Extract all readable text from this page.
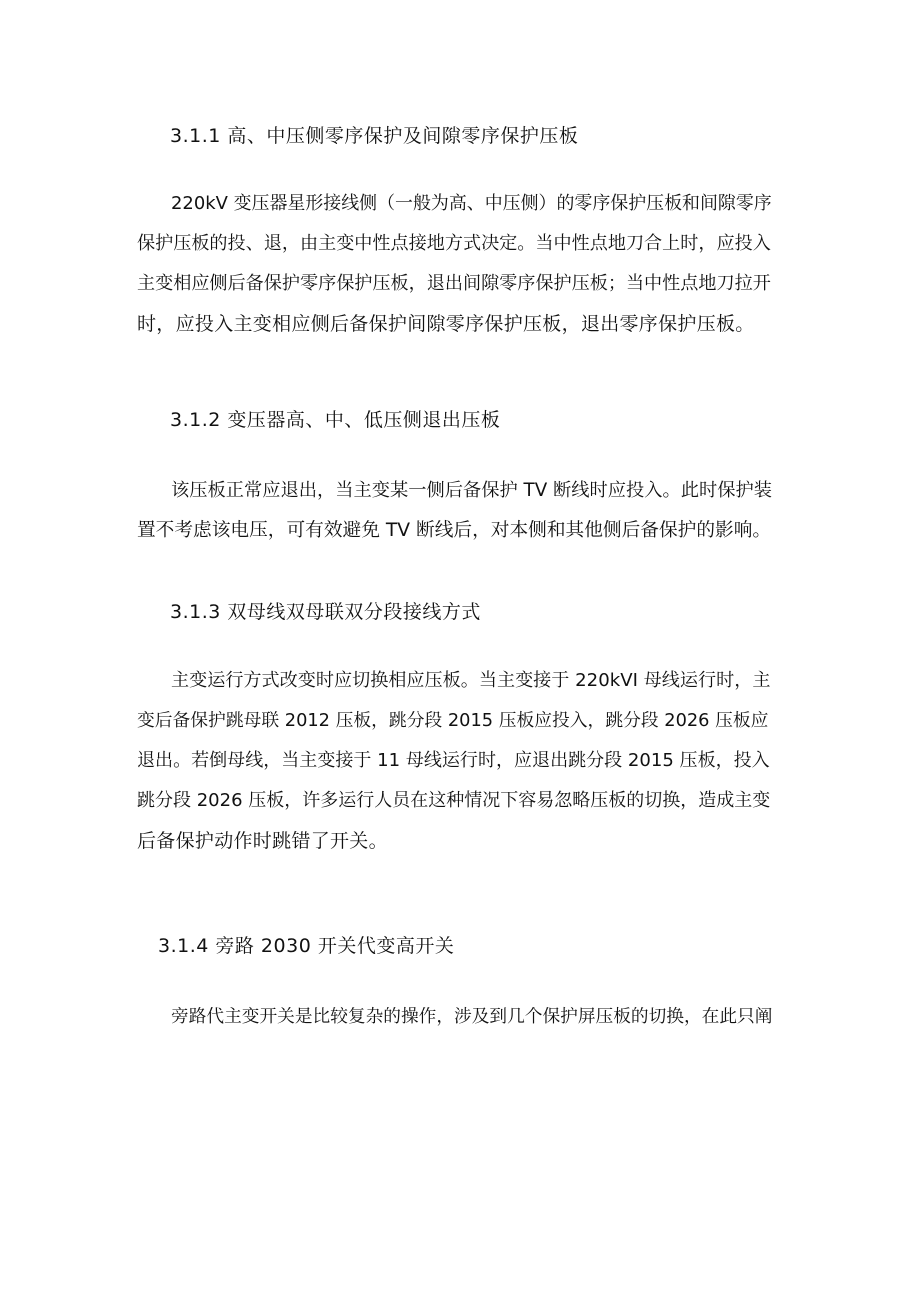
3.1.1 高、中压侧零序保护及间隙零序保护压板
220kV 变压器星形接线侧（一般为高、中压侧）的零序保护压板和间隙零序
保护压板的投、退，由主变中性点接地方式决定。当中性点地刀合上时，应投入
主变相应侧后备保护零序保护压板，退出间隙零序保护压板；当中性点地刀拉开
时，应投入主变相应侧后备保护间隙零序保护压板，退出零序保护压板。
3.1.2 变压器高、中、低压侧退出压板
该压板正常应退出，当主变某一侧后备保护 TV 断线时应投入。此时保护装
置不考虑该电压，可有效避免 TV 断线后，对本侧和其他侧后备保护的影响。
3.1.3 双母线双母联双分段接线方式
主变运行方式改变时应切换相应压板。当主变接于 220kVI 母线运行时，主
变后备保护跳母联 2012 压板，跳分段 2015 压板应投入，跳分段 2026 压板应
退出。若倒母线，当主变接于 11 母线运行时，应退出跳分段 2015 压板，投入
跳分段 2026 压板，许多运行人员在这种情况下容易忽略压板的切换，造成主变
后备保护动作时跳错了开关。
3.1.4 旁路 2030 开关代变高开关
旁路代主变开关是比较复杂的操作，涉及到几个保护屏压板的切换，在此只阐
